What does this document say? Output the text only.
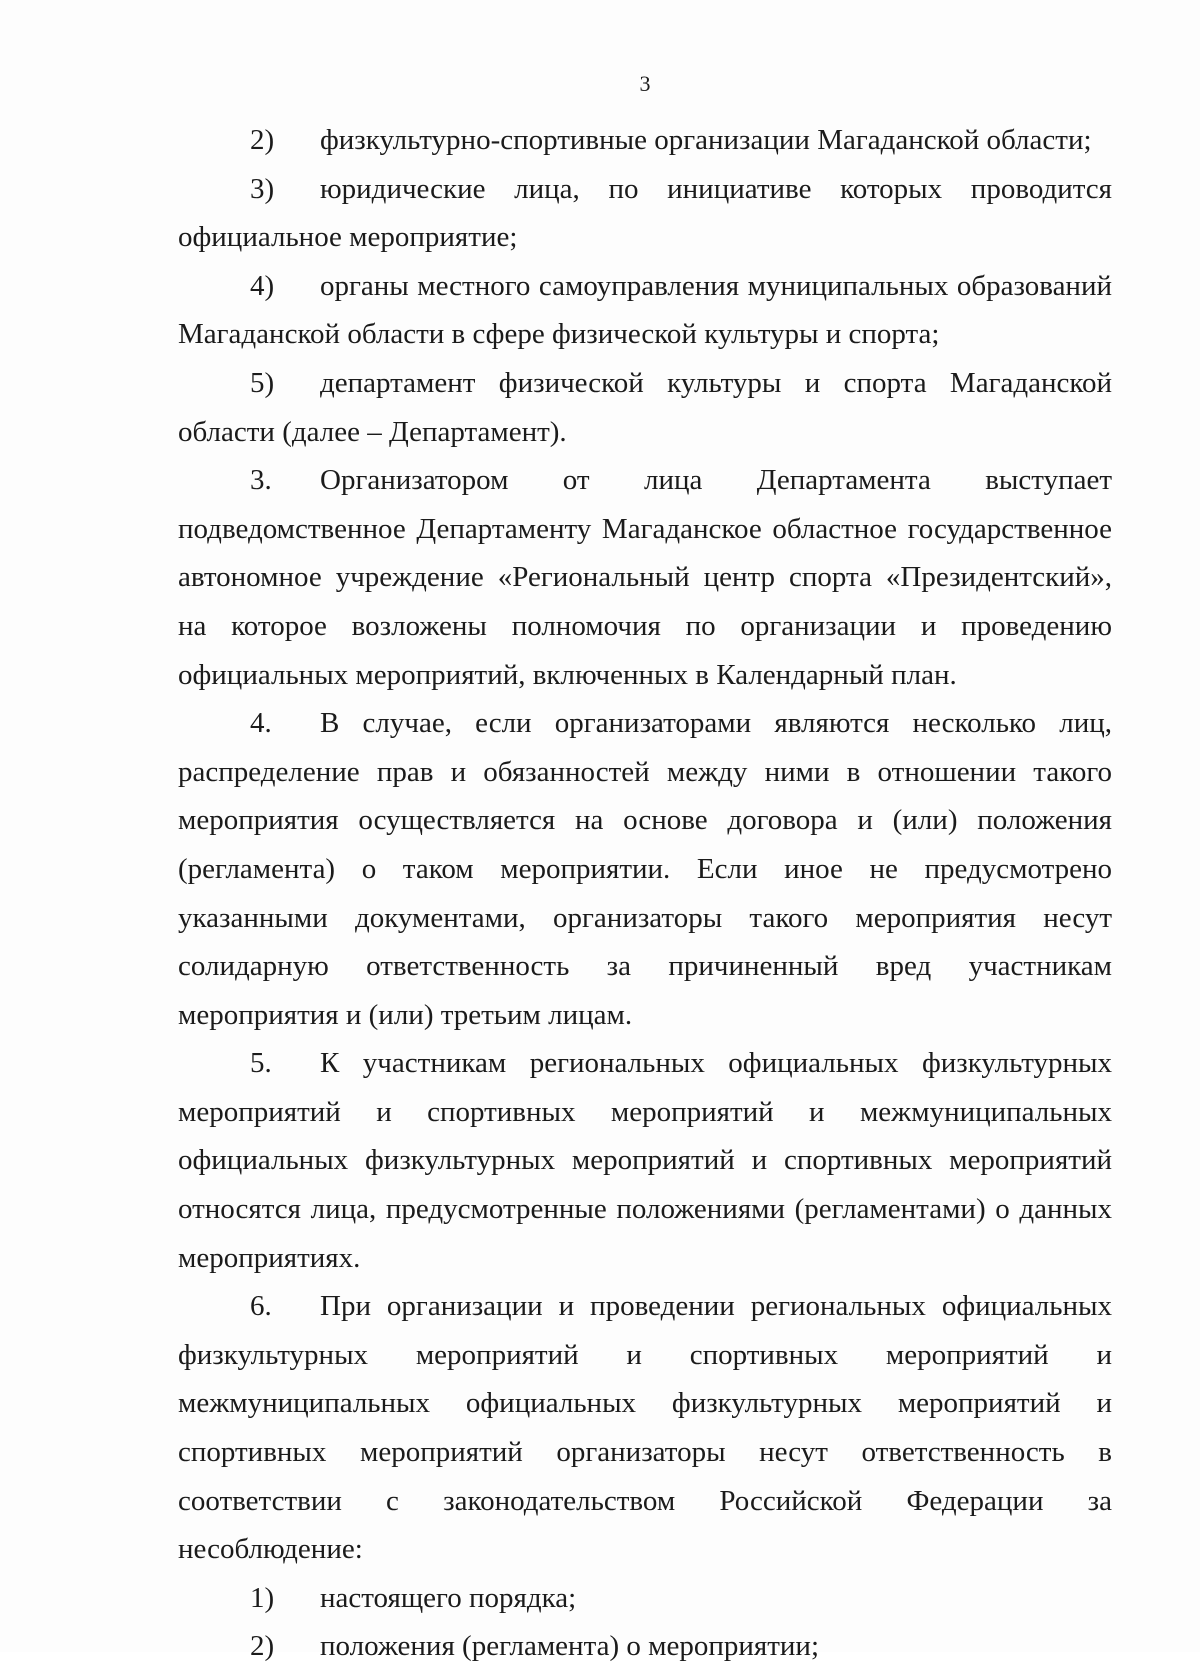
3

2) физкультурно-спортивные организации Магаданской области;

3) юридические лица, по инициативе которых проводится официальное мероприятие;

4) органы местного самоуправления муниципальных образований Магаданской области в сфере физической культуры и спорта;

5) департамент физической культуры и спорта Магаданской области (далее – Департамент).

3. Организатором от лица Департамента выступает подведомственное Департаменту Магаданское областное государственное автономное учреждение «Региональный центр спорта «Президентский», на которое возложены полномочия по организации и проведению официальных мероприятий, включенных в Календарный план.

4. В случае, если организаторами являются несколько лиц, распределение прав и обязанностей между ними в отношении такого мероприятия осуществляется на основе договора и (или) положения (регламента) о таком мероприятии. Если иное не предусмотрено указанными документами, организаторы такого мероприятия несут солидарную ответственность за причиненный вред участникам мероприятия и (или) третьим лицам.

5. К участникам региональных официальных физкультурных мероприятий и спортивных мероприятий и межмуниципальных официальных физкультурных мероприятий и спортивных мероприятий относятся лица, предусмотренные положениями (регламентами) о данных мероприятиях.

6. При организации и проведении региональных официальных физкультурных мероприятий и спортивных мероприятий и межмуниципальных официальных физкультурных мероприятий и спортивных мероприятий организаторы несут ответственность в соответствии с законодательством Российской Федерации за несоблюдение:

1) настоящего порядка;

2) положения (регламента) о мероприятии;
